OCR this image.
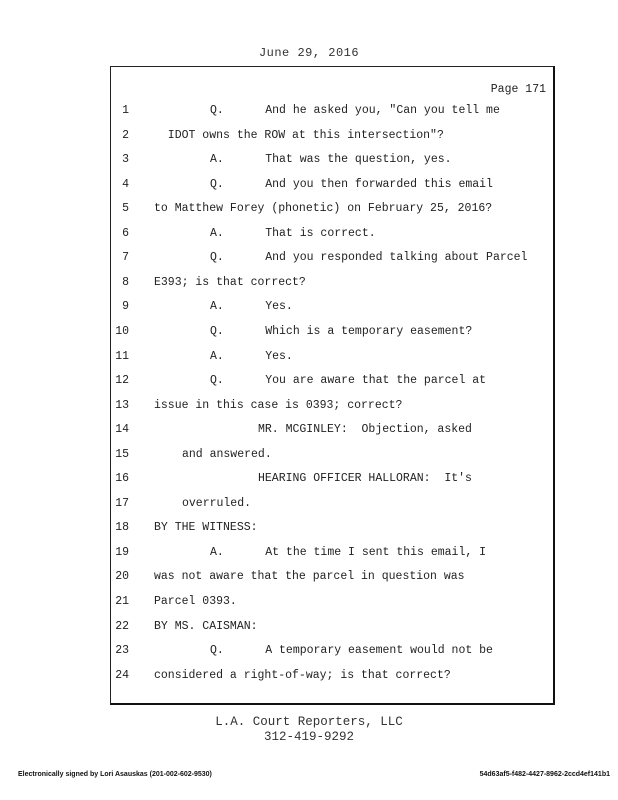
June 29, 2016
Page 171
1	Q.      And he asked you, "Can you tell me
2 IDOT owns the ROW at this intersection"?
3	A.      That was the question, yes.
4	Q.      And you then forwarded this email
5 to Matthew Forey (phonetic) on February 25, 2016?
6	A.      That is correct.
7	Q.      And you responded talking about Parcel
8 E393; is that correct?
9	A.      Yes.
10	Q.      Which is a temporary easement?
11	A.      Yes.
12	Q.      You are aware that the parcel at
13 issue in this case is 0393; correct?
14	MR. MCGINLEY:  Objection, asked
15	and answered.
16	HEARING OFFICER HALLORAN:  It's
17	overruled.
18 BY THE WITNESS:
19	A.      At the time I sent this email, I
20 was not aware that the parcel in question was
21 Parcel 0393.
22 BY MS. CAISMAN:
23	Q.      A temporary easement would not be
24 considered a right-of-way; is that correct?
L.A. Court Reporters, LLC
312-419-9292
Electronically signed by Lori Asauskas (201-002-602-9530)	54d63af5-f482-4427-8962-2ccd4ef141b1
